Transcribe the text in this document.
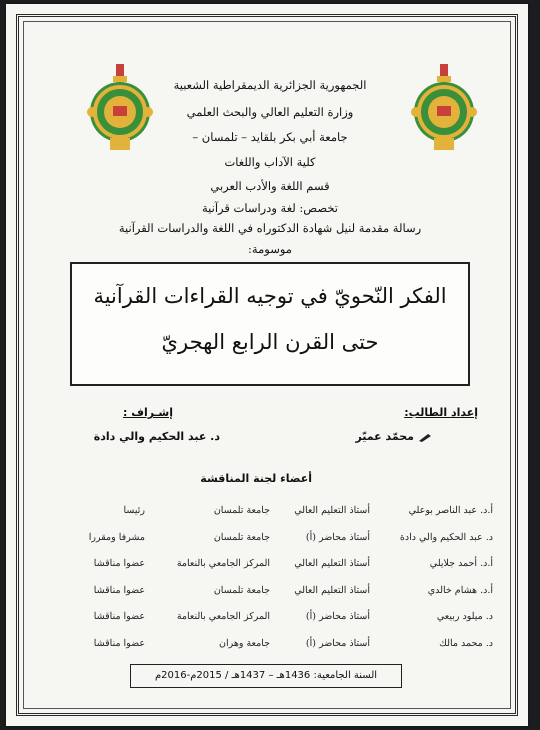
الجمهورية الجزائرية الديمقراطية الشعبية
وزارة التعليم العالي والبحث العلمي
جامعة أبي بكر بلقايد – تلمسان –
كلية الآداب واللغات
قسم اللغة والأدب العربي
تخصص: لغة ودراسات قرآنية
رسالة مقدمة لنيل شهادة الدكتوراه في اللغة والدراسات القرآنية
موسومة:
الفكر النّحويّ في توجيه القراءات القرآنية
حتى القرن الرابع الهجريّ
إعداد الطالب:
محمّد عميّر
إشـراف :
د. عبد الحكيم والي دادة
أعضاء لجنة المناقشة
أ.د. عبد الناصر بوعلي
أستاذ التعليم العالي
جامعة تلمسان
رئيسا
د. عبد الحكيم والي دادة
أستاذ محاضر (أ)
جامعة تلمسان
مشرفا ومقررا
أ.د. أحمد جلايلي
أستاذ التعليم العالي
المركز الجامعي بالنعامة
عضوا مناقشا
أ.د. هشام خالدي
أستاذ التعليم العالي
جامعة تلمسان
عضوا مناقشا
د. ميلود ربيعي
أستاذ محاضر (أ)
المركز الجامعي بالنعامة
عضوا مناقشا
د. محمد مالك
أستاذ محاضر (أ)
جامعة وهران
عضوا مناقشا
السنة الجامعية: 1436هـ – 1437هـ / 2015م-2016م
